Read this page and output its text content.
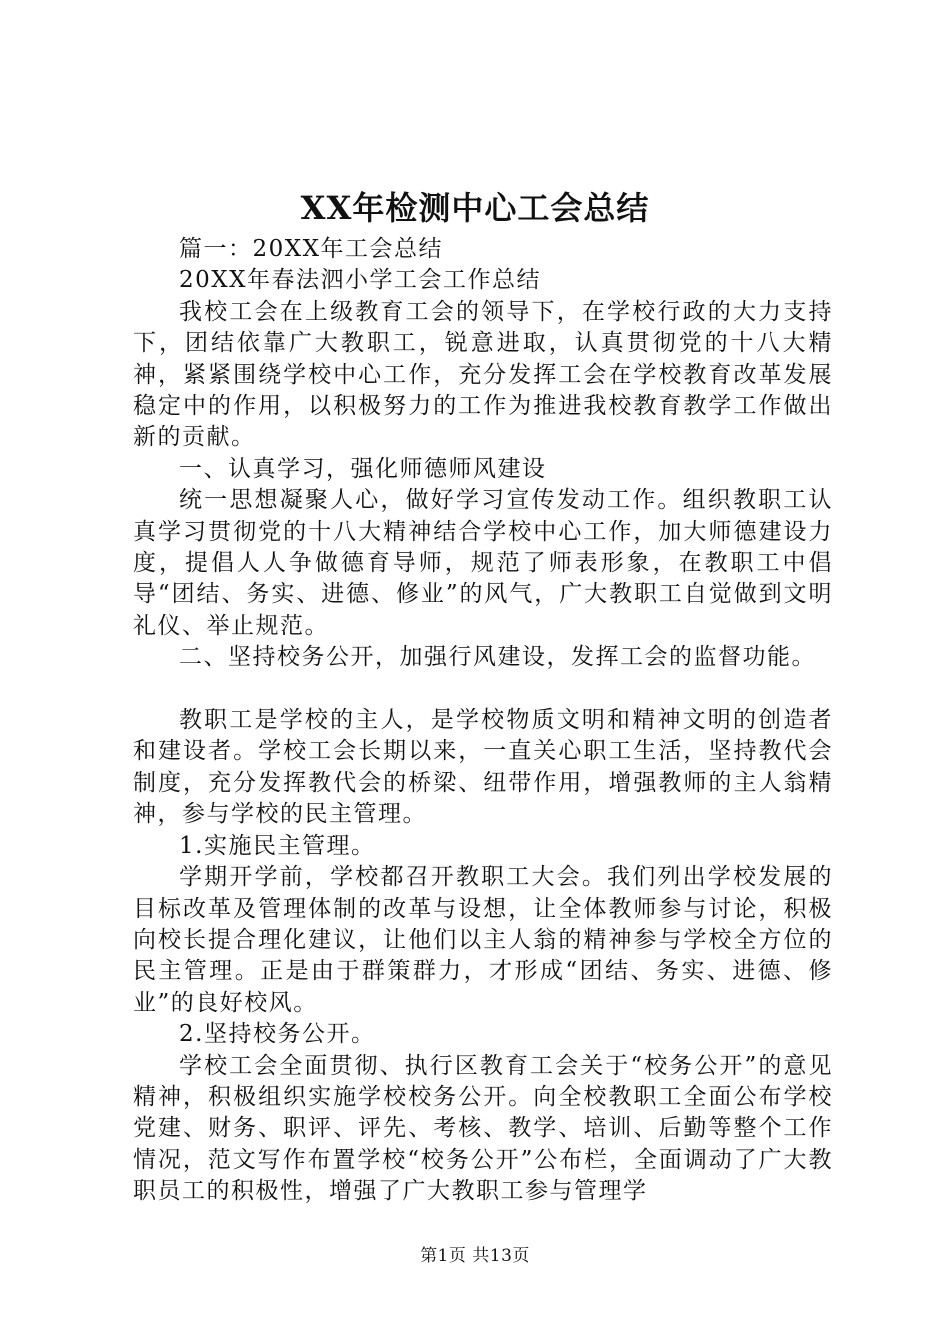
XX年检测中心工会总结

篇一：20XX年工会总结

20XX年春法泗小学工会工作总结

我校工会在上级教育工会的领导下，在学校行政的大力支持下，团结依靠广大教职工，锐意进取，认真贯彻党的十八大精神，紧紧围绕学校中心工作，充分发挥工会在学校教育改革发展稳定中的作用，以积极努力的工作为推进我校教育教学工作做出新的贡献。

一、认真学习，强化师德师风建设

统一思想凝聚人心，做好学习宣传发动工作。组织教职工认真学习贯彻党的十八大精神结合学校中心工作，加大师德建设力度，提倡人人争做德育导师，规范了师表形象，在教职工中倡导“团结、务实、进德、修业”的风气，广大教职工自觉做到文明礼仪、举止规范。

二、坚持校务公开，加强行风建设，发挥工会的监督功能。

教职工是学校的主人，是学校物质文明和精神文明的创造者和建设者。学校工会长期以来，一直关心职工生活，坚持教代会制度，充分发挥教代会的桥梁、纽带作用，增强教师的主人翁精神，参与学校的民主管理。

1.实施民主管理。

学期开学前，学校都召开教职工大会。我们列出学校发展的目标改革及管理体制的改革与设想，让全体教师参与讨论，积极向校长提合理化建议，让他们以主人翁的精神参与学校全方位的民主管理。正是由于群策群力，才形成“团结、务实、进德、修业”的良好校风。

2.坚持校务公开。

学校工会全面贯彻、执行区教育工会关于“校务公开”的意见精神，积极组织实施学校校务公开。向全校教职工全面公布学校党建、财务、职评、评先、考核、教学、培训、后勤等整个工作情况，范文写作布置学校“校务公开”公布栏，全面调动了广大教职员工的积极性，增强了广大教职工参与管理学

第1页 共13页
